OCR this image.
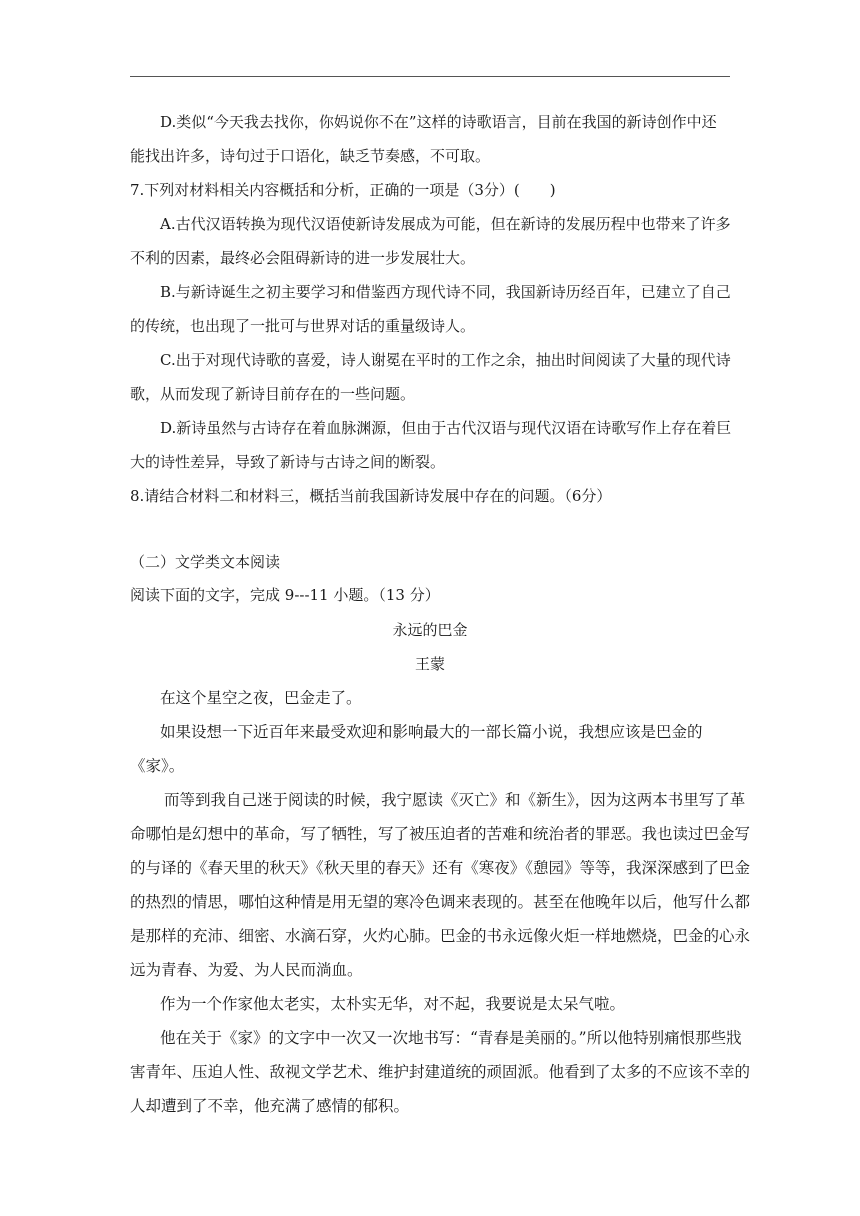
D.类似“今天我去找你，你妈说你不在”这样的诗歌语言，目前在我国的新诗创作中还
能找出许多，诗句过于口语化，缺乏节奏感，不可取。
7.下列对材料相关内容概括和分析，正确的一项是（3分）(　　)
A.古代汉语转换为现代汉语使新诗发展成为可能，但在新诗的发展历程中也带来了许多
不利的因素，最终必会阻碍新诗的进一步发展壮大。
B.与新诗诞生之初主要学习和借鉴西方现代诗不同，我国新诗历经百年，已建立了自己
的传统，也出现了一批可与世界对话的重量级诗人。
C.出于对现代诗歌的喜爱，诗人谢冕在平时的工作之余，抽出时间阅读了大量的现代诗
歌，从而发现了新诗目前存在的一些问题。
D.新诗虽然与古诗存在着血脉渊源，但由于古代汉语与现代汉语在诗歌写作上存在着巨
大的诗性差异，导致了新诗与古诗之间的断裂。
8.请结合材料二和材料三，概括当前我国新诗发展中存在的问题。（6分）
（二）文学类文本阅读
阅读下面的文字，完成 9---11 小题。（13 分）
永远的巴金
王蒙
在这个星空之夜，巴金走了。
如果设想一下近百年来最受欢迎和影响最大的一部长篇小说，我想应该是巴金的
《家》。
而等到我自己迷于阅读的时候，我宁愿读《灭亡》和《新生》，因为这两本书里写了革
命哪怕是幻想中的革命，写了牺牲，写了被压迫者的苦难和统治者的罪恶。我也读过巴金写
的与译的《春天里的秋天》《秋天里的春天》还有《寒夜》《憩园》等等，我深深感到了巴金
的热烈的情思，哪怕这种情是用无望的寒冷色调来表现的。甚至在他晚年以后，他写什么都
是那样的充沛、细密、水滴石穿，火灼心肺。巴金的书永远像火炬一样地燃烧，巴金的心永
远为青春、为爱、为人民而淌血。
作为一个作家他太老实，太朴实无华，对不起，我要说是太呆气啦。
他在关于《家》的文字中一次又一次地书写：“青春是美丽的。”所以他特别痛恨那些戕
害青年、压迫人性、敌视文学艺术、维护封建道统的顽固派。他看到了太多的不应该不幸的
人却遭到了不幸，他充满了感情的郁积。
